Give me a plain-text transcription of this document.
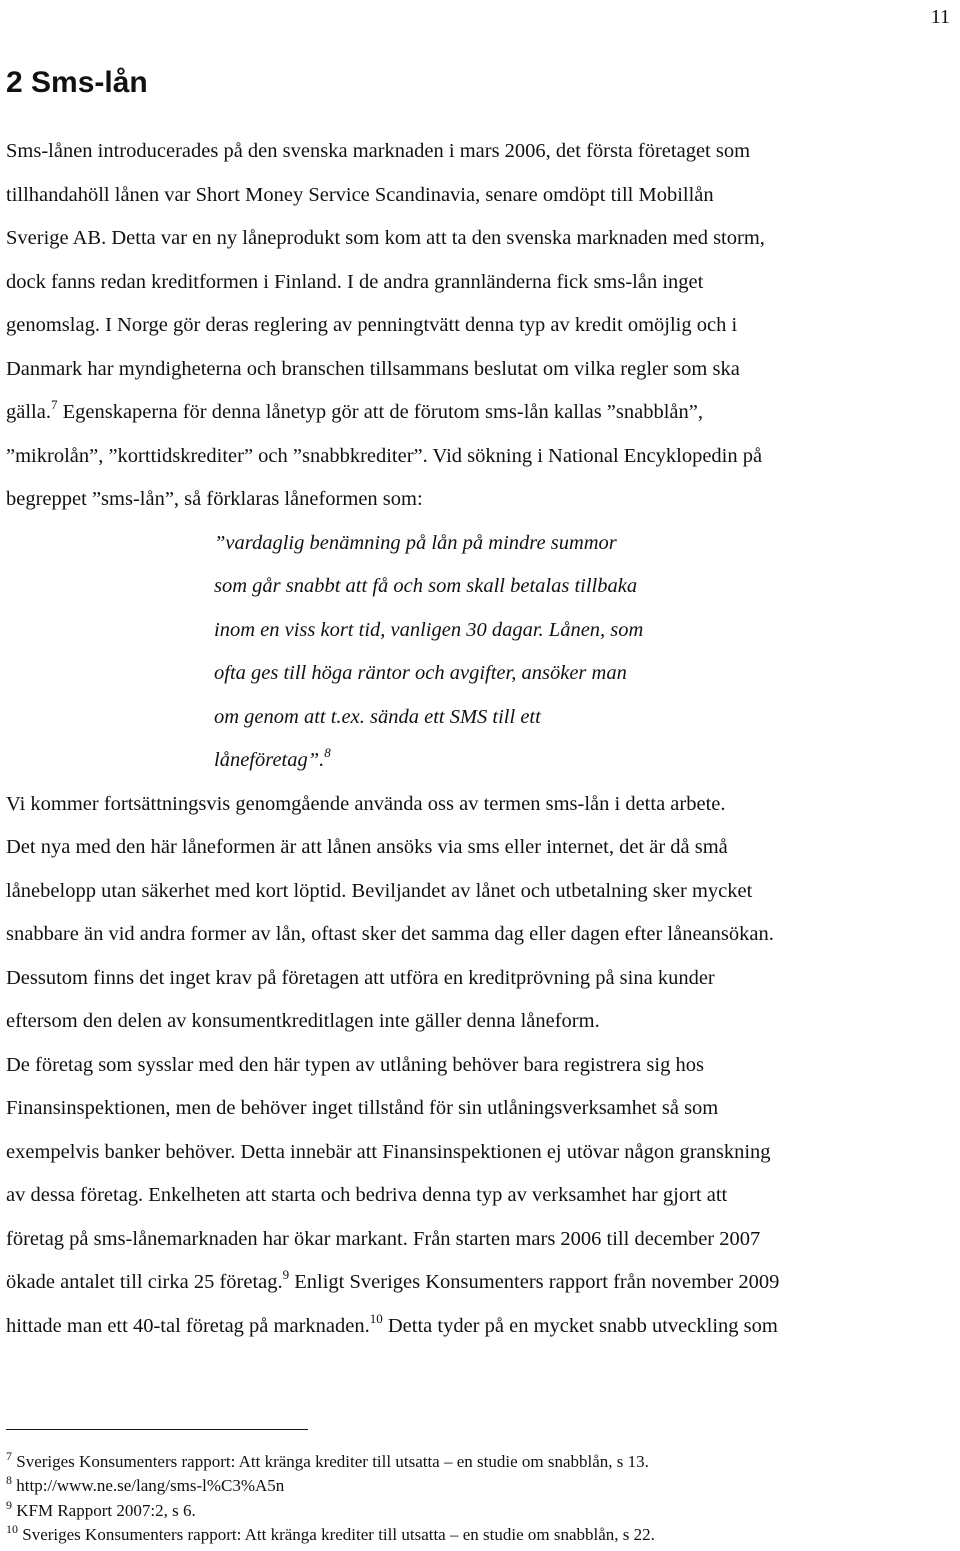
11
2 Sms-lån
Sms-lånen introducerades på den svenska marknaden i mars 2006, det första företaget som
tillhandahöll lånen var Short Money Service Scandinavia, senare omdöpt till Mobillån
Sverige AB. Detta var en ny låneprodukt som kom att ta den svenska marknaden med storm,
dock fanns redan kreditformen i Finland. I de andra grannländerna fick sms-lån inget
genomslag. I Norge gör deras reglering av penningtvätt denna typ av kredit omöjlig och i
Danmark har myndigheterna och branschen tillsammans beslutat om vilka regler som ska
gälla.$^7$ Egenskaperna för denna lånetyp gör att de förutom sms-lån kallas ”snabblån”,
”mikrolån”, ”korttidskrediter” och ”snabbkrediter”. Vid sökning i National Encyklopedin på
begreppet ”sms-lån”, så förklaras låneformen som:
”vardaglig benämning på lån på mindre summor
som går snabbt att få och som skall betalas tillbaka
inom en viss kort tid, vanligen 30 dagar. Lånen, som
ofta ges till höga räntor och avgifter, ansöker man
om genom att t.ex. sända ett SMS till ett
låneföretag”.$^8$
Vi kommer fortsättningsvis genomgående använda oss av termen sms-lån i detta arbete.
Det nya med den här låneformen är att lånen ansöks via sms eller internet, det är då små
lånebelopp utan säkerhet med kort löptid. Beviljandet av lånet och utbetalning sker mycket
snabbare än vid andra former av lån, oftast sker det samma dag eller dagen efter låneansökan.
Dessutom finns det inget krav på företagen att utföra en kreditprövning på sina kunder
eftersom den delen av konsumentkreditlagen inte gäller denna låneform.
De företag som sysslar med den här typen av utlåning behöver bara registrera sig hos
Finansinspektionen, men de behöver inget tillstånd för sin utlåningsverksamhet så som
exempelvis banker behöver. Detta innebär att Finansinspektionen ej utövar någon granskning
av dessa företag. Enkelheten att starta och bedriva denna typ av verksamhet har gjort att
företag på sms-lånemarknaden har ökar markant. Från starten mars 2006 till december 2007
ökade antalet till cirka 25 företag.$^9$ Enligt Sveriges Konsumenters rapport från november 2009
hittade man ett 40-tal företag på marknaden.$^{10}$ Detta tyder på en mycket snabb utveckling som
$^7$ Sveriges Konsumenters rapport: Att kränga krediter till utsatta – en studie om snabblån, s 13.
$^8$ http://www.ne.se/lang/sms-l%C3%A5n
$^9$ KFM Rapport 2007:2, s 6.
$^{10}$ Sveriges Konsumenters rapport: Att kränga krediter till utsatta – en studie om snabblån, s 22.
